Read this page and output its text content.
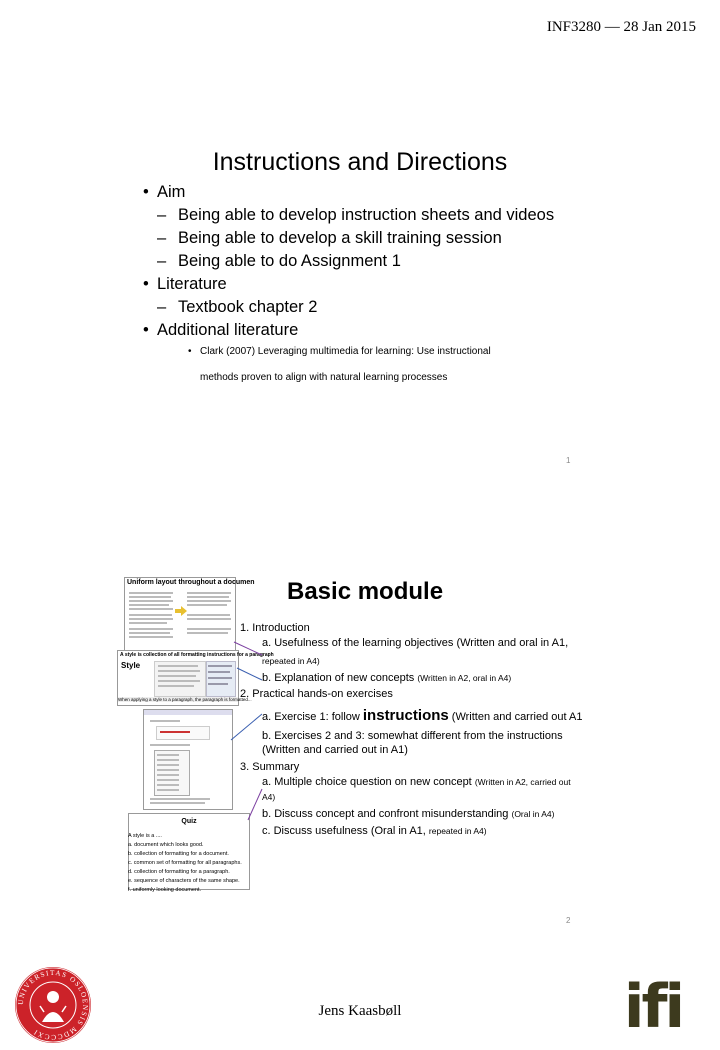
INF3280 — 28 Jan 2015
Instructions and Directions
• Aim
– Being able to develop instruction sheets and videos
– Being able to develop a skill training session
– Being able to do Assignment 1
• Literature
– Textbook chapter 2
• Additional literature
• Clark (2007) Leveraging multimedia for learning: Use instructional
methods proven to align with natural learning processes
1
Basic module
Uniform layout throughout a documen
A style is collection of all formatting instructions for a paragraph
Style
When applying a style to a paragraph, the paragraph is formatted...
Quiz
A style is a ....
a. document which looks good.
b. collection of formatting for a document.
c. common set of formatting for all paragraphs.
d. collection of formatting for a paragraph.
e. sequence of characters of the same shape.
f. uniformly looking document.
1. Introduction
a. Usefulness of the learning objectives (Written and oral in A1,
repeated in A4)
b. Explanation of new concepts (Written in A2, oral in A4)
2. Practical hands-on exercises
a. Exercise 1: follow instructions (Written and carried out A1
b. Exercises 2 and 3: somewhat different from the instructions
(Written and carried out in A1)
3. Summary
a. Multiple choice question on new concept (Written in A2, carried out
A4)
b. Discuss concept and confront misunderstanding (Oral in A4)
c. Discuss usefulness (Oral in A1, repeated in A4)
2
UNIVERSITAS OSLOENSIS MDCCCXI
Jens Kaasbøll	ifi
